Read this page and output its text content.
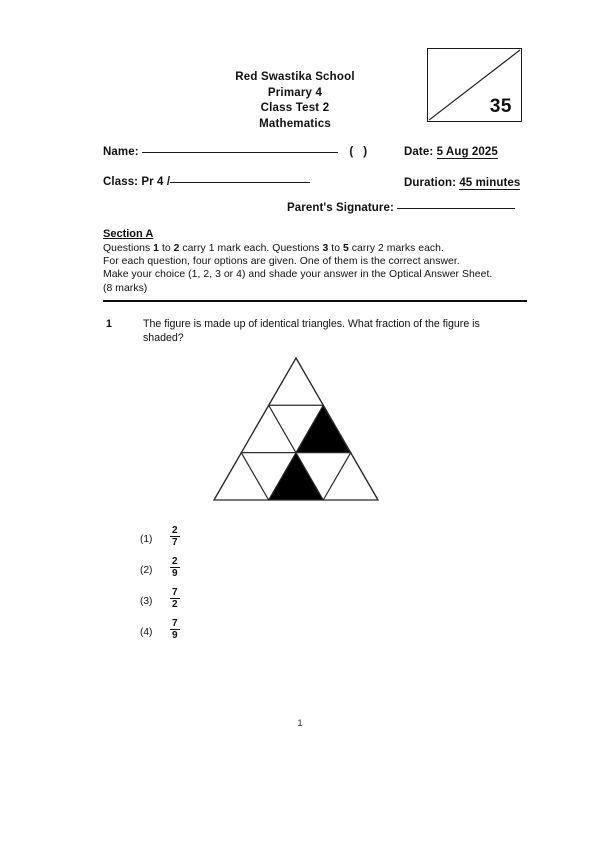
Red Swastika School
Primary 4
Class Test 2
Mathematics
35
Name:	( )
Class: Pr 4 /
Date: 5 Aug 2025
Duration: 45 minutes
Parent's Signature:
Section A
Questions 1 to 2 carry 1 mark each. Questions 3 to 5 carry 2 marks each.
For each question, four options are given. One of them is the correct answer.
Make your choice (1, 2, 3 or 4) and shade your answer in the Optical Answer Sheet.
(8 marks)
1	The figure is made up of identical triangles. What fraction of the figure is shaded?
$(1) \frac{2}{7}$
$(2) \frac{2}{9}$
$(3) \frac{7}{2}$
$(4) \frac{7}{9}$
1
